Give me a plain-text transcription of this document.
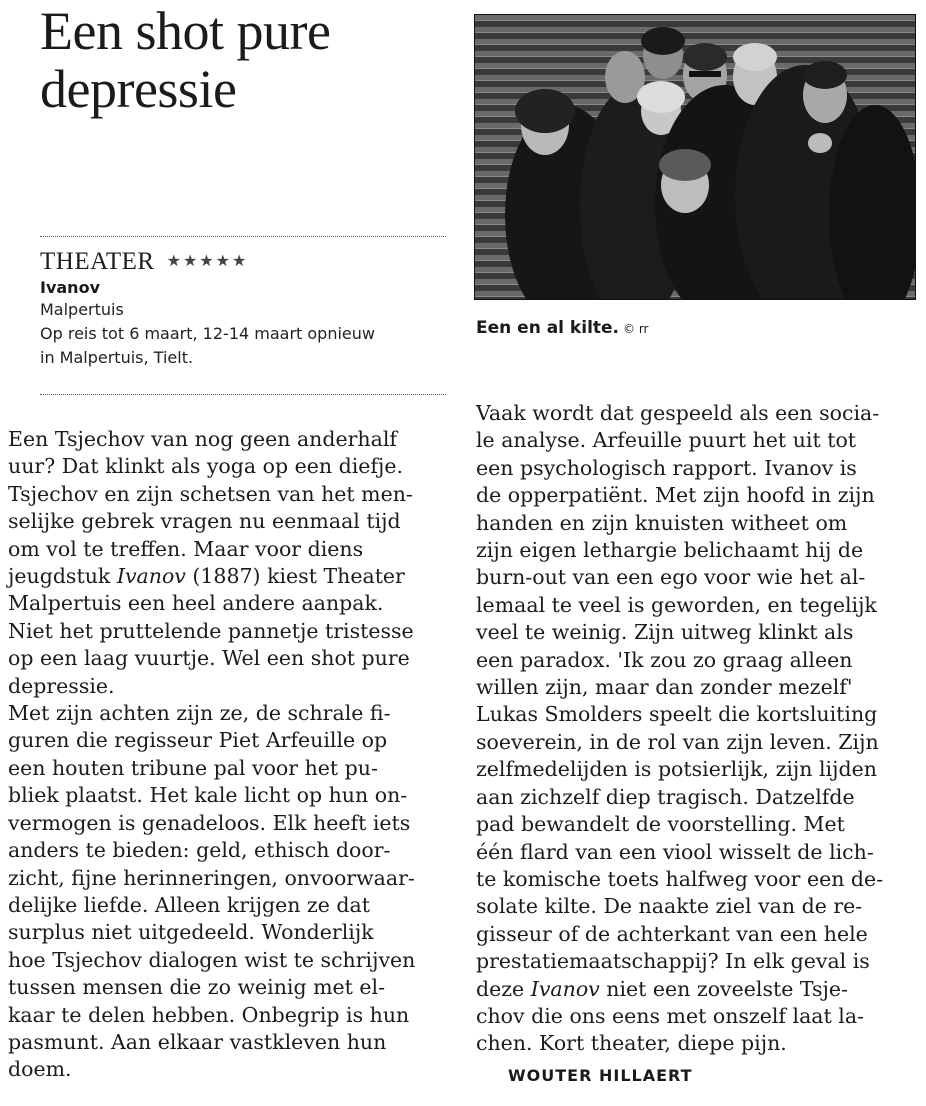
Een shot pure
depressie
THEATER ★★★★★
Ivanov
Malpertuis
Op reis tot 6 maart, 12-14 maart opnieuw
in Malpertuis, Tielt.
Een en al kilte. © rr
Een Tsjechov van nog geen anderhalf
uur? Dat klinkt als yoga op een diefje.
Tsjechov en zijn schetsen van het men-
selijke gebrek vragen nu eenmaal tijd
om vol te treffen. Maar voor diens
jeugdstuk Ivanov (1887) kiest Theater
Malpertuis een heel andere aanpak.
Niet het pruttelende pannetje tristesse
op een laag vuurtje. Wel een shot pure
depressie.
Met zijn achten zijn ze, de schrale fi-
guren die regisseur Piet Arfeuille op
een houten tribune pal voor het pu-
bliek plaatst. Het kale licht op hun on-
vermogen is genadeloos. Elk heeft iets
anders te bieden: geld, ethisch door-
zicht, fijne herinneringen, onvoorwaar-
delijke liefde. Alleen krijgen ze dat
surplus niet uitgedeeld. Wonderlijk
hoe Tsjechov dialogen wist te schrijven
tussen mensen die zo weinig met el-
kaar te delen hebben. Onbegrip is hun
pasmunt. Aan elkaar vastkleven hun
doem.
Vaak wordt dat gespeeld als een socia-
le analyse. Arfeuille puurt het uit tot
een psychologisch rapport. Ivanov is
de opperpatiënt. Met zijn hoofd in zijn
handen en zijn knuisten witheet om
zijn eigen lethargie belichaamt hij de
burn-out van een ego voor wie het al-
lemaal te veel is geworden, en tegelijk
veel te weinig. Zijn uitweg klinkt als
een paradox. 'Ik zou zo graag alleen
willen zijn, maar dan zonder mezelf'
Lukas Smolders speelt die kortsluiting
soeverein, in de rol van zijn leven. Zijn
zelfmedelijden is potsierlijk, zijn lijden
aan zichzelf diep tragisch. Datzelfde
pad bewandelt de voorstelling. Met
één flard van een viool wisselt de lich-
te komische toets halfweg voor een de-
solate kilte. De naakte ziel van de re-
gisseur of de achterkant van een hele
prestatiemaatschappij? In elk geval is
deze Ivanov niet een zoveelste Tsje-
chov die ons eens met onszelf laat la-
chen. Kort theater, diepe pijn.
WOUTER HILLAERT
